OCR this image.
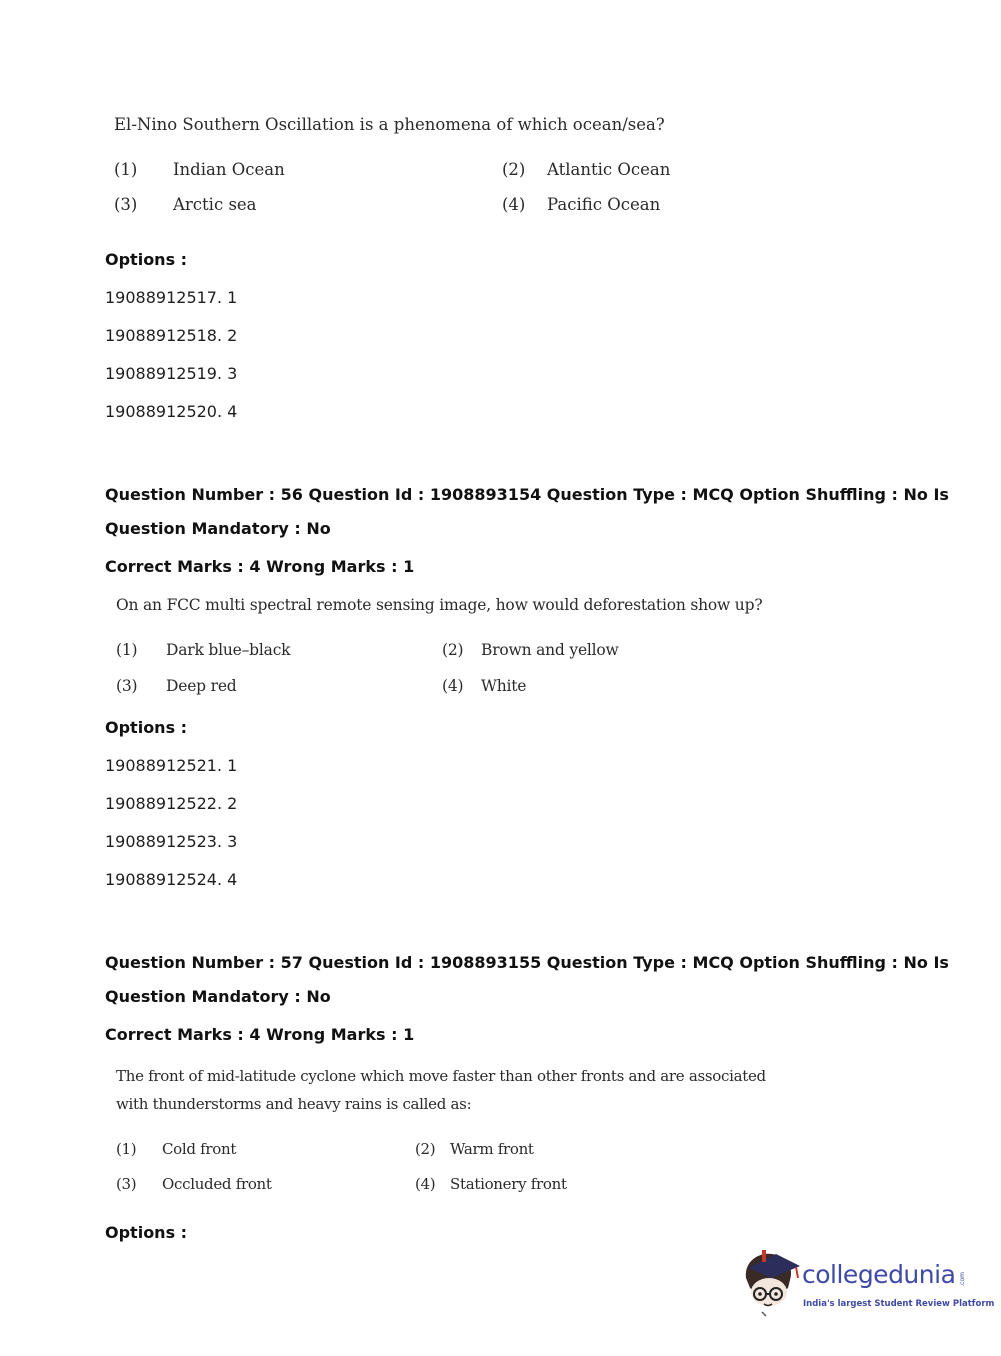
El-Nino Southern Oscillation is a phenomena of which ocean/sea?
(1) Indian Ocean	(2) Atlantic Ocean
(3) Arctic sea	(4) Pacific Ocean
Options :
19088912517. 1
19088912518. 2
19088912519. 3
19088912520. 4
Question Number : 56 Question Id : 1908893154 Question Type : MCQ Option Shuffling : No Is
Question Mandatory : No
Correct Marks : 4 Wrong Marks : 1
On an FCC multi spectral remote sensing image, how would deforestation show up?
(1) Dark blue–black	(2) Brown and yellow
(3) Deep red	(4) White
Options :
19088912521. 1
19088912522. 2
19088912523. 3
19088912524. 4
Question Number : 57 Question Id : 1908893155 Question Type : MCQ Option Shuffling : No Is
Question Mandatory : No
Correct Marks : 4 Wrong Marks : 1
The front of mid-latitude cyclone which move faster than other fronts and are associated
with thunderstorms and heavy rains is called as:
(1) Cold front	(2) Warm front
(3) Occluded front	(4) Stationery front
Options :
collegedunia .com
India's largest Student Review Platform
